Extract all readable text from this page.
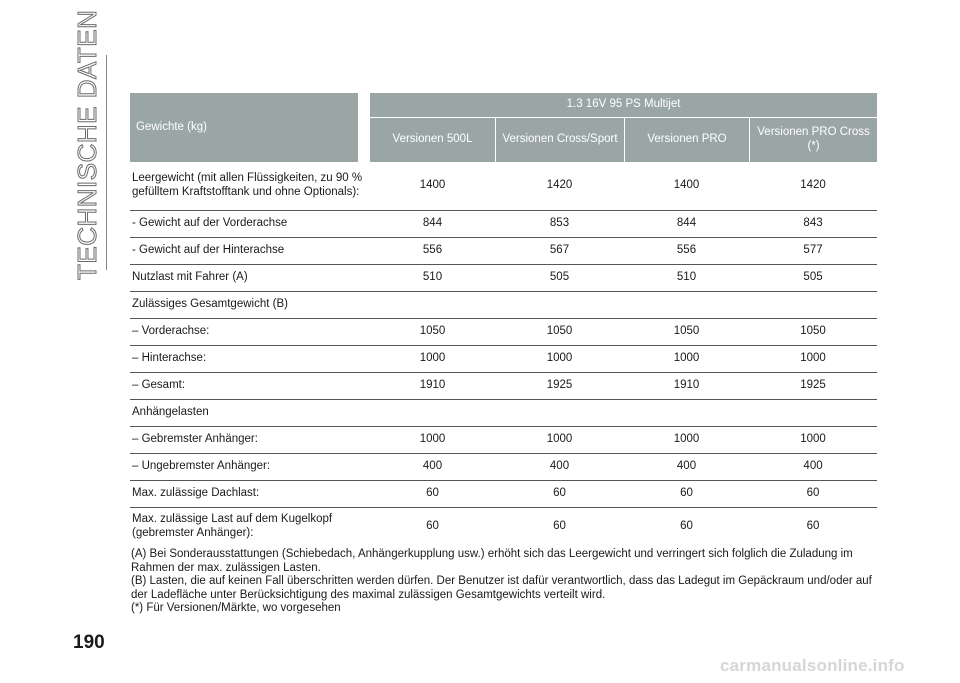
TECHNISCHE DATEN	Gewichte (kg)	1.3 16V 95 PS Multijet			
	Versionen 500L	Versionen Cross/Sport	Versionen PRO	Versionen PRO Cross (*)
Leergewicht (mit allen Flüssigkeiten, zu 90 % gefülltem Kraftstofftank und ohne Optionals):	1400	1420	1400	1420
- Gewicht auf der Vorderachse	844	853	844	843
- Gewicht auf der Hinterachse	556	567	556	577
Nutzlast mit Fahrer (A)	510	505	510	505
Zulässiges Gesamtgewicht (B)				
– Vorderachse:	1050	1050	1050	1050
– Hinterachse:	1000	1000	1000	1000
– Gesamt:	1910	1925	1910	1925
Anhängelasten				
– Gebremster Anhänger:	1000	1000	1000	1000
– Ungebremster Anhänger:	400	400	400	400
Max. zulässige Dachlast:	60	60	60	60
Max. zulässige Last auf dem Kugelkopf (gebremster Anhänger):	60	60	60	60

(A) Bei Sonderausstattungen (Schiebedach, Anhängerkupplung usw.) erhöht sich das Leergewicht und verringert sich folglich die Zuladung im Rahmen der max. zulässigen Lasten.

(B) Lasten, die auf keinen Fall überschritten werden dürfen. Der Benutzer ist dafür verantwortlich, dass das Ladegut im Gepäckraum und/oder auf der Ladefläche unter Berücksichtigung des maximal zulässigen Gesamtgewichts verteilt wird.

(*) Für Versionen/Märkte, wo vorgesehen

190
carmanualsonline.info
